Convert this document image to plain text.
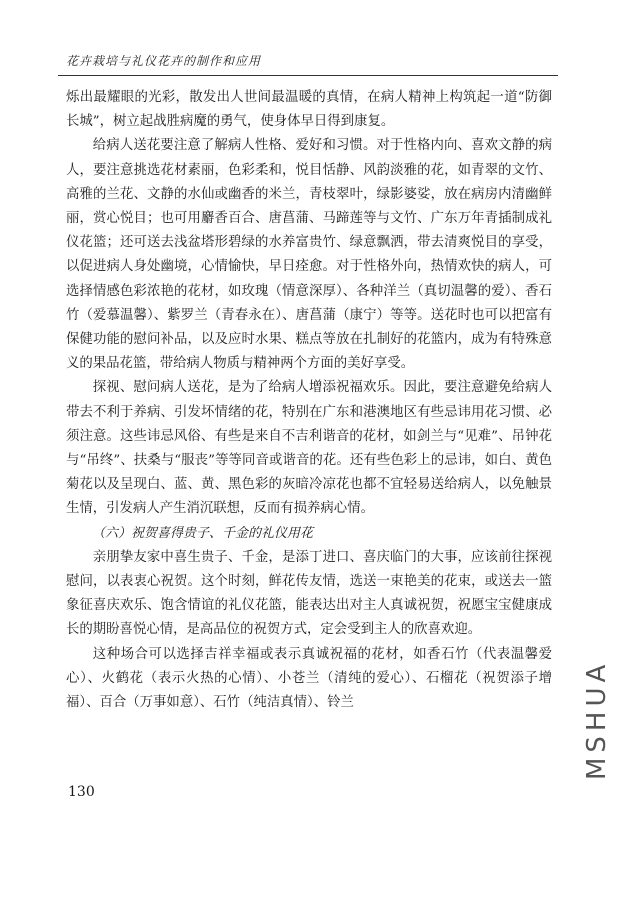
花卉栽培与礼仪花卉的制作和应用

烁出最耀眼的光彩，散发出人世间最温暖的真情，在病人精神上构筑起一道“防御长城”，树立起战胜病魔的勇气，使身体早日得到康复。

给病人送花要注意了解病人性格、爱好和习惯。对于性格内向、喜欢文静的病人，要注意挑选花材素丽，色彩柔和，悦目恬静、风韵淡雅的花，如青翠的文竹、高雅的兰花、文静的水仙或幽香的米兰，青枝翠叶，绿影婆娑，放在病房内清幽鲜丽，赏心悦目；也可用麝香百合、唐菖蒲、马蹄莲等与文竹、广东万年青插制成礼仪花篮；还可送去浅盆塔形碧绿的水养富贵竹、绿意飘洒，带去清爽悦目的享受，以促进病人身处幽境，心情愉快，早日痊愈。对于性格外向，热情欢快的病人，可选择情感色彩浓艳的花材，如玫瑰（情意深厚）、各种洋兰（真切温馨的爱）、香石竹（爱慕温馨）、紫罗兰（青春永在）、唐菖蒲（康宁）等等。送花时也可以把富有保健功能的慰问补品，以及应时水果、糕点等放在扎制好的花篮内，成为有特殊意义的果品花篮，带给病人物质与精神两个方面的美好享受。

探视、慰问病人送花，是为了给病人增添祝福欢乐。因此，要注意避免给病人带去不利于养病、引发坏情绪的花，特别在广东和港澳地区有些忌讳用花习惯、必须注意。这些讳忌风俗、有些是来自不吉利谐音的花材，如剑兰与“见难”、吊钟花与“吊终”、扶桑与“服丧”等等同音或谐音的花。还有些色彩上的忌讳，如白、黄色菊花以及呈现白、蓝、黄、黑色彩的灰暗冷凉花也都不宜轻易送给病人，以免触景生情，引发病人产生消沉联想，反而有损养病心情。

（六）祝贺喜得贵子、千金的礼仪用花

亲朋挚友家中喜生贵子、千金，是添丁进口、喜庆临门的大事，应该前往探视慰问，以表衷心祝贺。这个时刻，鲜花传友情，选送一束艳美的花束，或送去一篮象征喜庆欢乐、饱含情谊的礼仪花篮，能表达出对主人真诚祝贺，祝愿宝宝健康成长的期盼喜悦心情，是高品位的祝贺方式，定会受到主人的欣喜欢迎。

这种场合可以选择吉祥幸福或表示真诚祝福的花材，如香石竹（代表温馨爱心）、火鹤花（表示火热的心情）、小苍兰（清纯的爱心）、石榴花（祝贺添子增福）、百合（万事如意）、石竹（纯洁真情）、铃兰

130
MSHUA
